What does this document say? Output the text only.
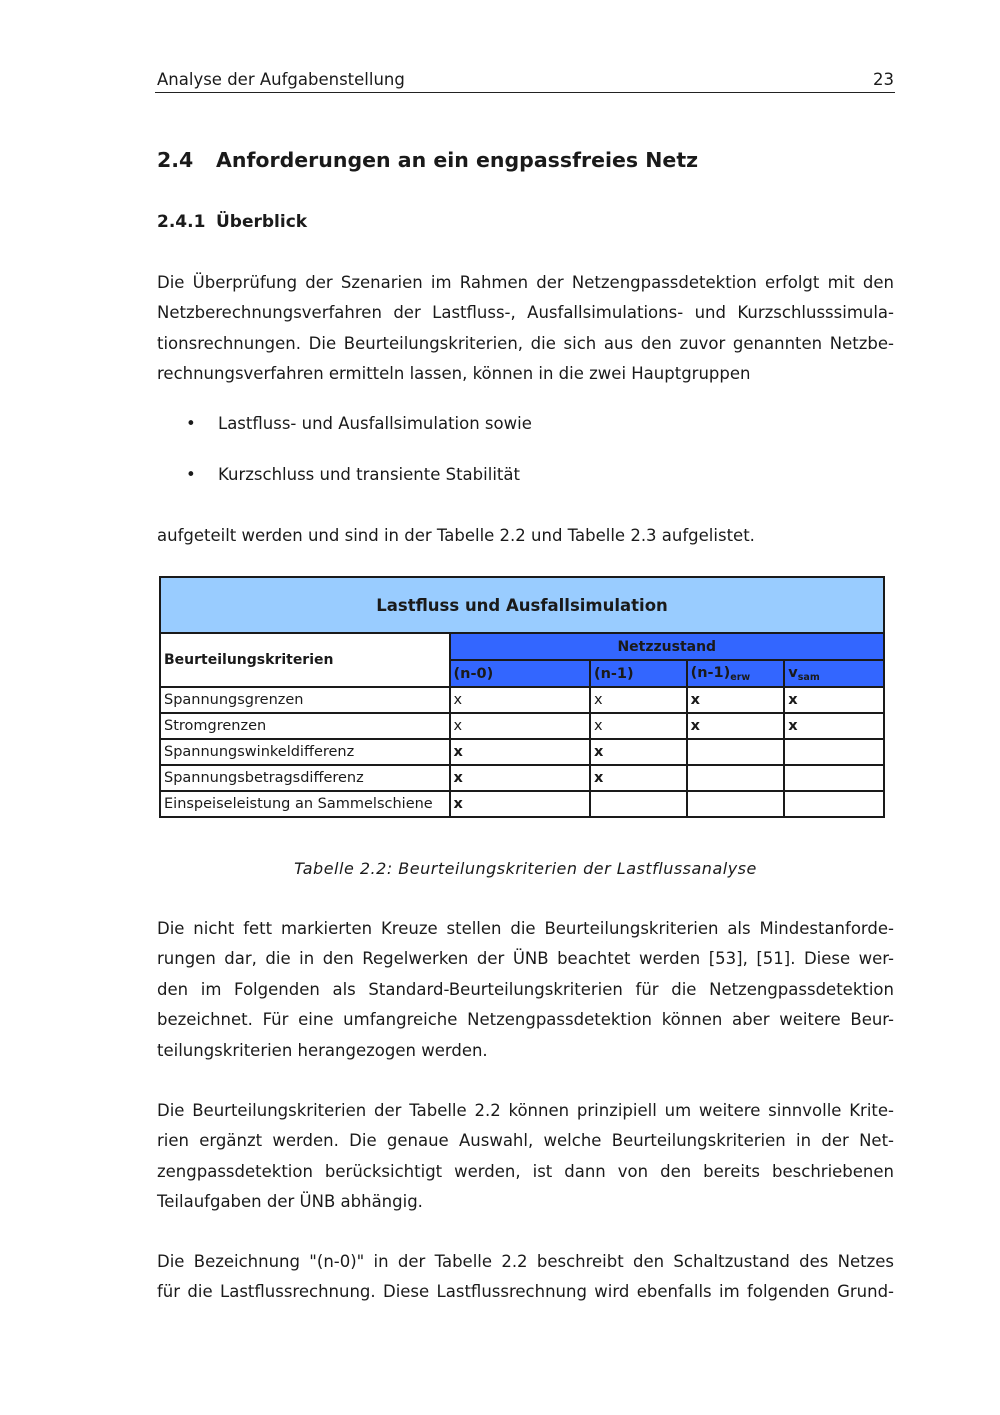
Analyse der Aufgabenstellung	23
2.4 Anforderungen an ein engpassfreies Netz
2.4.1 Überblick
Die Überprüfung der Szenarien im Rahmen der Netzengpassdetektion erfolgt mit den
Netzberechnungsverfahren der Lastfluss-, Ausfallsimulations- und Kurzschlusssimula-
tionsrechnungen. Die Beurteilungskriterien, die sich aus den zuvor genannten Netzbe-
rechnungsverfahren ermitteln lassen, können in die zwei Hauptgruppen
• Lastfluss- und Ausfallsimulation sowie
• Kurzschluss und transiente Stabilität
aufgeteilt werden und sind in der Tabelle 2.2 und Tabelle 2.3 aufgelistet.
Lastfluss und Ausfallsimulation				
Beurteilungskriterien	Netzzustand			
	(n-0)	(n-1)	$(n-1)_{erw}$	$v_{sam}$
Spannungsgrenzen	x	x	x	x
Stromgrenzen	x	x	x	x
Spannungswinkeldifferenz	x	x		
Spannungsbetragsdifferenz	x	x		
Einspeiseleistung an Sammelschiene	x			
Tabelle 2.2: Beurteilungskriterien der Lastflussanalyse
Die nicht fett markierten Kreuze stellen die Beurteilungskriterien als Mindestanforde-
rungen dar, die in den Regelwerken der ÜNB beachtet werden [53], [51]. Diese wer-
den im Folgenden als Standard-Beurteilungskriterien für die Netzengpassdetektion
bezeichnet. Für eine umfangreiche Netzengpassdetektion können aber weitere Beur-
teilungskriterien herangezogen werden.
Die Beurteilungskriterien der Tabelle 2.2 können prinzipiell um weitere sinnvolle Krite-
rien ergänzt werden. Die genaue Auswahl, welche Beurteilungskriterien in der Net-
zengpassdetektion berücksichtigt werden, ist dann von den bereits beschriebenen
Teilaufgaben der ÜNB abhängig.
Die Bezeichnung "(n-0)" in der Tabelle 2.2 beschreibt den Schaltzustand des Netzes
für die Lastflussrechnung. Diese Lastflussrechnung wird ebenfalls im folgenden Grund-
